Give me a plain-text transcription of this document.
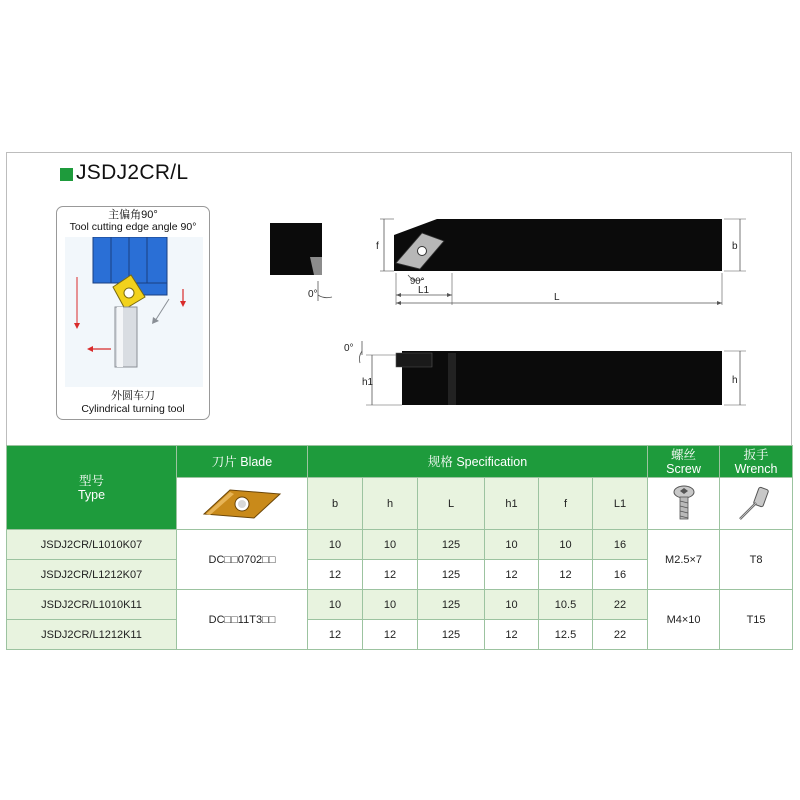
JSDJ2CR/L
主偏角90°
Tool cutting edge angle 90°
外圆车刀
Cylindrical turning tool
0°
f	b
90°
L1
L
0°
h1	h
型号
Type	刀片 Blade	规格 Specification						螺丝
Screw	扳手
Wrench

	b	h	L	h1	f	L1	

JSDJ2CR/L1010K07	DC□□0702□□	10	10	125	10	10	16	M2.5×7	T8
JSDJ2CR/L1212K07		12	12	125	12	12	16		
JSDJ2CR/L1010K11	DC□□11T3□□	10	10	125	10	10.5	22	M4×10	T15
JSDJ2CR/L1212K11		12	12	125	12	12.5	22		
